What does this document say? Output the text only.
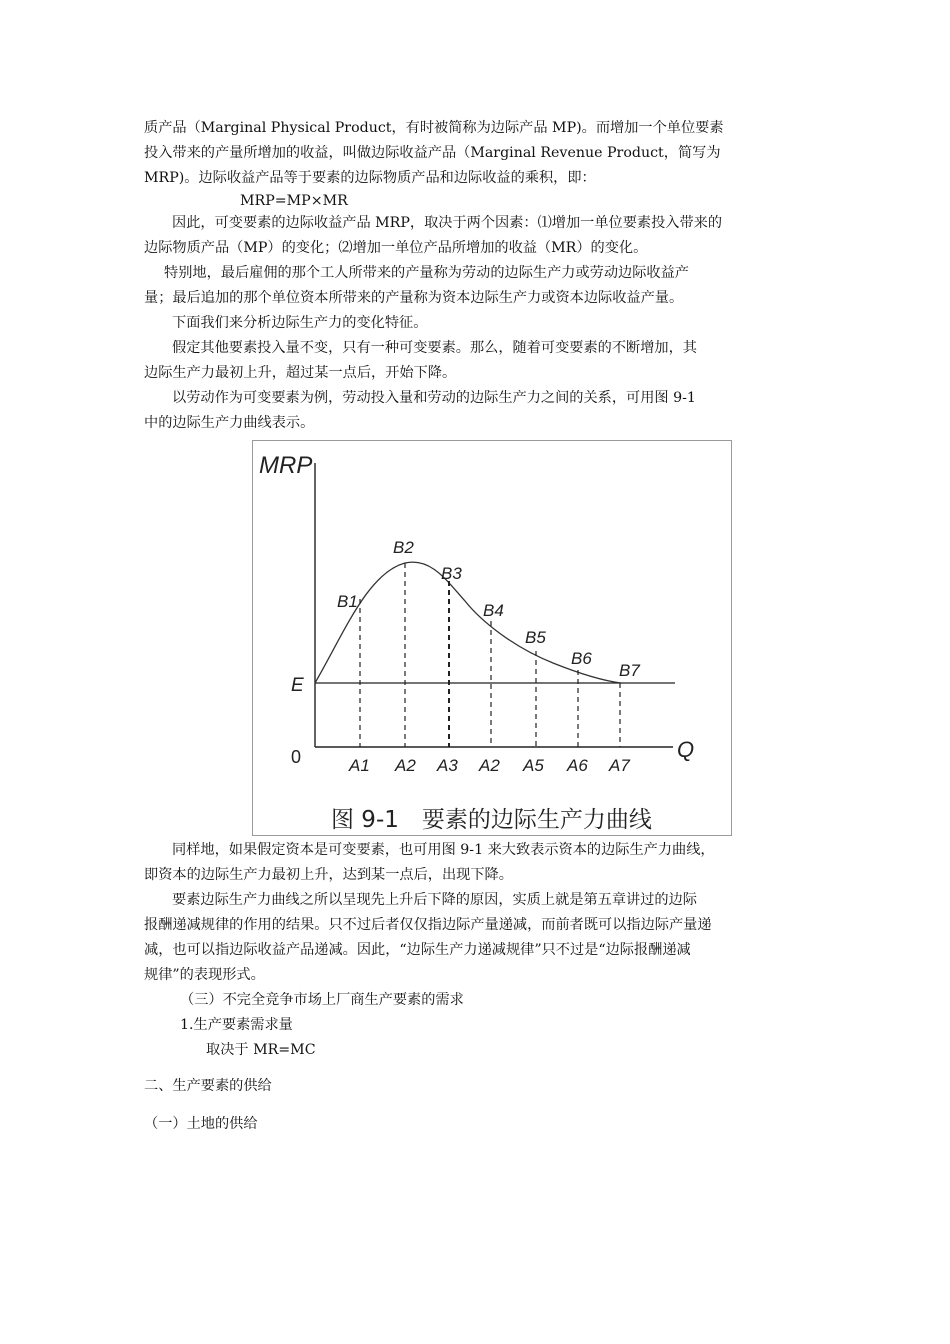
质产品（Marginal Physical Product，有时被简称为边际产品 MP)。而增加一个单位要素
投入带来的产量所增加的收益，叫做边际收益产品（Marginal Revenue Product，简写为
MRP)。边际收益产品等于要素的边际物质产品和边际收益的乘积，即：
MRP=MP×MR
因此，可变要素的边际收益产品 MRP，取决于两个因素：⑴增加一单位要素投入带来的
边际物质产品（MP）的变化；⑵增加一单位产品所增加的收益（MR）的变化。
特别地，最后雇佣的那个工人所带来的产量称为劳动的边际生产力或劳动边际收益产
量；最后追加的那个单位资本所带来的产量称为资本边际生产力或资本边际收益产量。
下面我们来分析边际生产力的变化特征。
假定其他要素投入量不变，只有一种可变要素。那么，随着可变要素的不断增加，其
边际生产力最初上升，超过某一点后，开始下降。
以劳动作为可变要素为例，劳动投入量和劳动的边际生产力之间的关系，可用图 9-1
中的边际生产力曲线表示。
MRP
Q
0
E
B1
B2
B3
B4
B5
B6
B7
A1 A2 A3 A2 A5 A6 A7
图 9-1　要素的边际生产力曲线
同样地，如果假定资本是可变要素，也可用图 9-1 来大致表示资本的边际生产力曲线，
即资本的边际生产力最初上升，达到某一点后，出现下降。
要素边际生产力曲线之所以呈现先上升后下降的原因，实质上就是第五章讲过的边际
报酬递减规律的作用的结果。只不过后者仅仅指边际产量递减，而前者既可以指边际产量递
减，也可以指边际收益产品递减。因此，“边际生产力递减规律”只不过是“边际报酬递减
规律”的表现形式。
（三）不完全竞争市场上厂商生产要素的需求
1.生产要素需求量
取决于 MR=MC
二、生产要素的供给
（一）土地的供给
